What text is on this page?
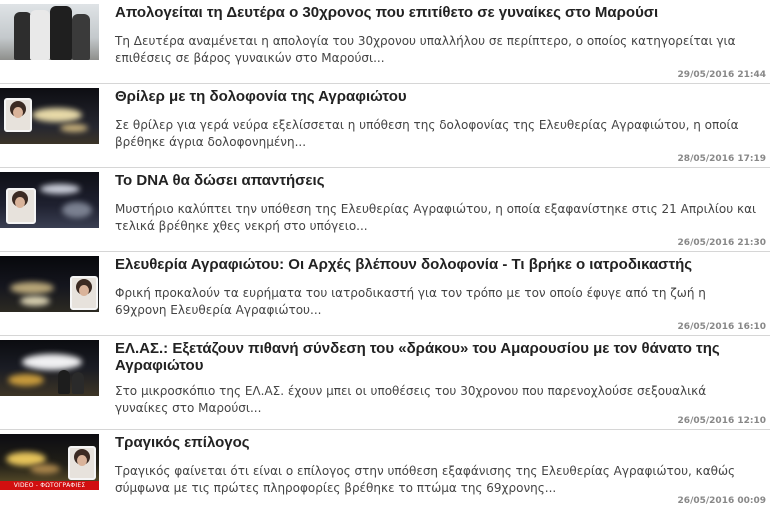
Απολογείται τη Δευτέρα ο 30χρονος που επιτίθετο σε γυναίκες στο Μαρούσι

Τη Δευτέρα αναμένεται η απολογία του 30χρονου υπαλλήλου σε περίπτερο, ο οποίος κατηγορείται για επιθέσεις σε βάρος γυναικών στο Μαρούσι...

29/05/2016 21:44
Θρίλερ με τη δολοφονία της Αγραφιώτου

Σε θρίλερ για γερά νεύρα εξελίσσεται η υπόθεση της δολοφονίας της Ελευθερίας Αγραφιώτου, η οποία βρέθηκε άγρια δολοφονημένη...

28/05/2016 17:19
Το DNA θα δώσει απαντήσεις

Μυστήριο καλύπτει την υπόθεση της Ελευθερίας Αγραφιώτου, η οποία εξαφανίστηκε στις 21 Απριλίου και τελικά βρέθηκε χθες νεκρή στο υπόγειο...

26/05/2016 21:30
Ελευθερία Αγραφιώτου: Οι Αρχές βλέπουν δολοφονία - Τι βρήκε ο ιατροδικαστής

Φρική προκαλούν τα ευρήματα του ιατροδικαστή για τον τρόπο με τον οποίο έφυγε από τη ζωή η 69χρονη Ελευθερία Αγραφιώτου...

26/05/2016 16:10
ΕΛ.ΑΣ.: Εξετάζουν πιθανή σύνδεση του «δράκου» του Αμαρουσίου με τον θάνατο της Αγραφιώτου

Στο μικροσκόπιο της ΕΛ.ΑΣ. έχουν μπει οι υποθέσεις του 30χρονου που παρενοχλούσε σεξουαλικά γυναίκες στο Μαρούσι...

26/05/2016 12:10
VIDEO - ΦΩΤΟΓΡΑΦΙΕΣ
Τραγικός επίλογος

Τραγικός φαίνεται ότι είναι ο επίλογος στην υπόθεση εξαφάνισης της Ελευθερίας Αγραφιώτου, καθώς σύμφωνα με τις πρώτες πληροφορίες βρέθηκε το πτώμα της 69χρονης...

26/05/2016 00:09
